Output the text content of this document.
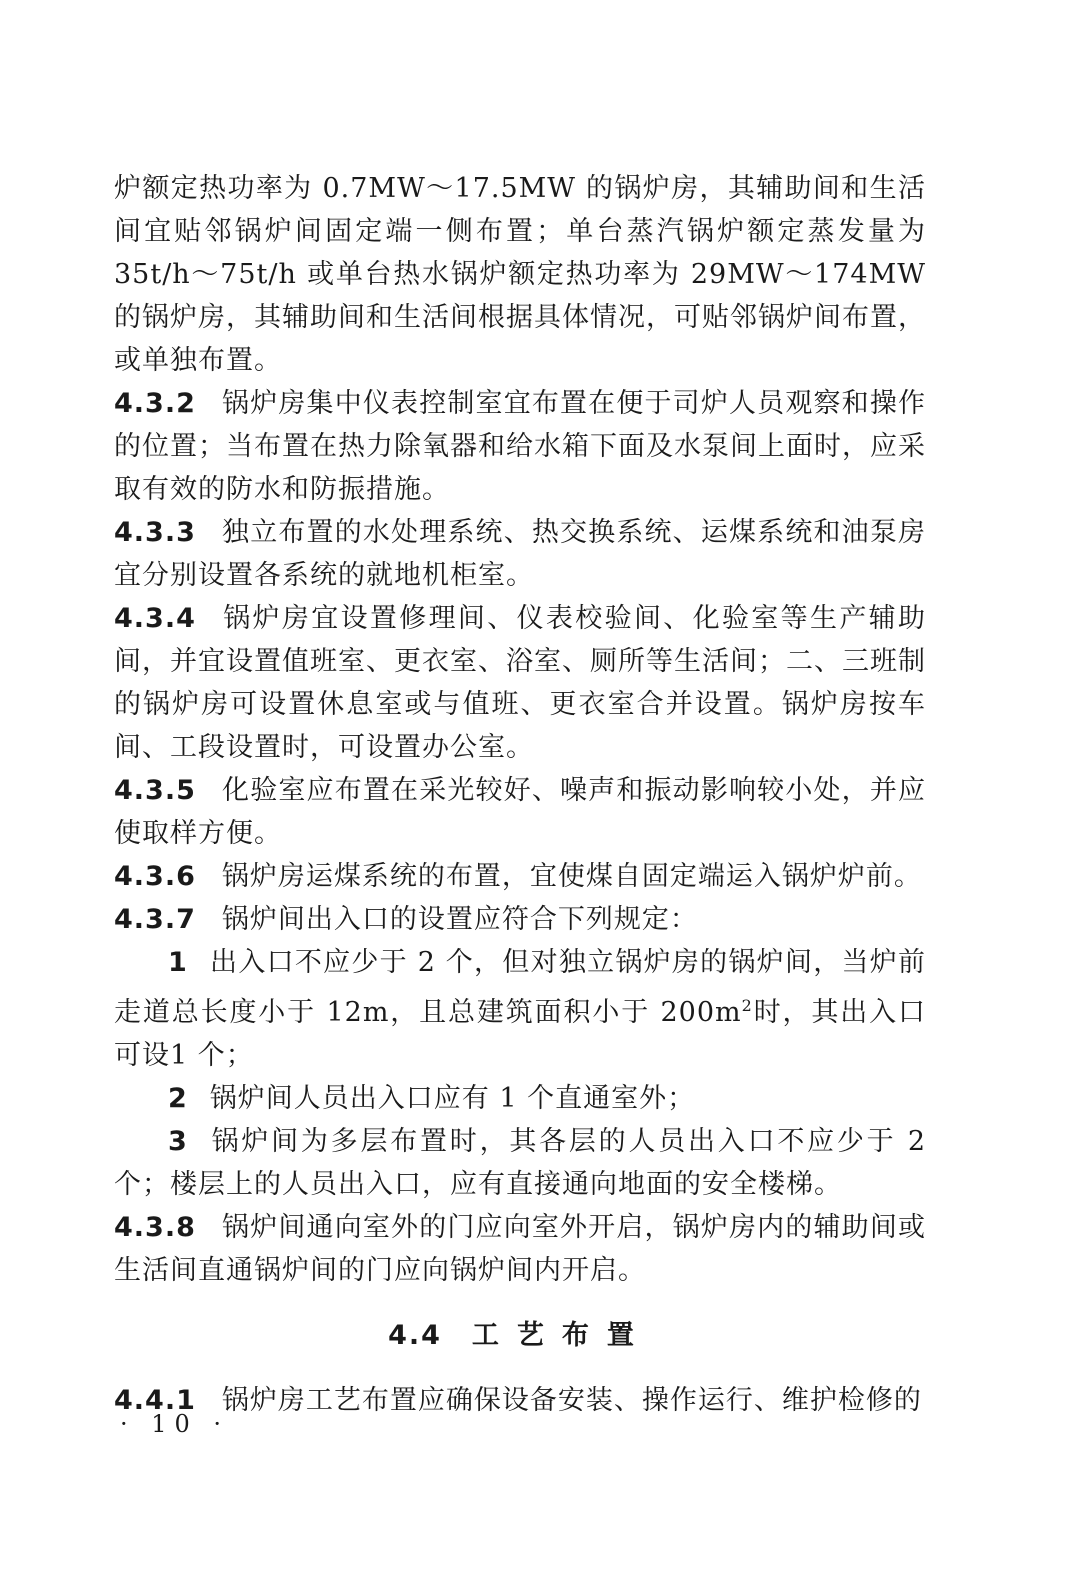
炉额定热功率为 0.7MW～17.5MW 的锅炉房，其辅助间和生活间宜贴邻锅炉间固定端一侧布置；单台蒸汽锅炉额定蒸发量为35t/h～75t/h 或单台热水锅炉额定热功率为 29MW～174MW 的锅炉房，其辅助间和生活间根据具体情况，可贴邻锅炉间布置，或单独布置。

4.3.2 锅炉房集中仪表控制室宜布置在便于司炉人员观察和操作的位置；当布置在热力除氧器和给水箱下面及水泵间上面时，应采取有效的防水和防振措施。

4.3.3 独立布置的水处理系统、热交换系统、运煤系统和油泵房宜分别设置各系统的就地机柜室。

4.3.4 锅炉房宜设置修理间、仪表校验间、化验室等生产辅助间，并宜设置值班室、更衣室、浴室、厕所等生活间；二、三班制的锅炉房可设置休息室或与值班、更衣室合并设置。锅炉房按车间、工段设置时，可设置办公室。

4.3.5 化验室应布置在采光较好、噪声和振动影响较小处，并应使取样方便。

4.3.6 锅炉房运煤系统的布置，宜使煤自固定端运入锅炉炉前。

4.3.7 锅炉间出入口的设置应符合下列规定：

1 出入口不应少于 2 个，但对独立锅炉房的锅炉间，当炉前走道总长度小于 12m，且总建筑面积小于 $200m^2$时，其出入口可设1 个；

2 锅炉间人员出入口应有 1 个直通室外；

3 锅炉间为多层布置时，其各层的人员出入口不应少于 2个；楼层上的人员出入口，应有直接通向地面的安全楼梯。

4.3.8 锅炉间通向室外的门应向室外开启，锅炉房内的辅助间或生活间直通锅炉间的门应向锅炉间内开启。

4.4 工艺布置

4.4.1 锅炉房工艺布置应确保设备安装、操作运行、维护检修的

· 10 ·
